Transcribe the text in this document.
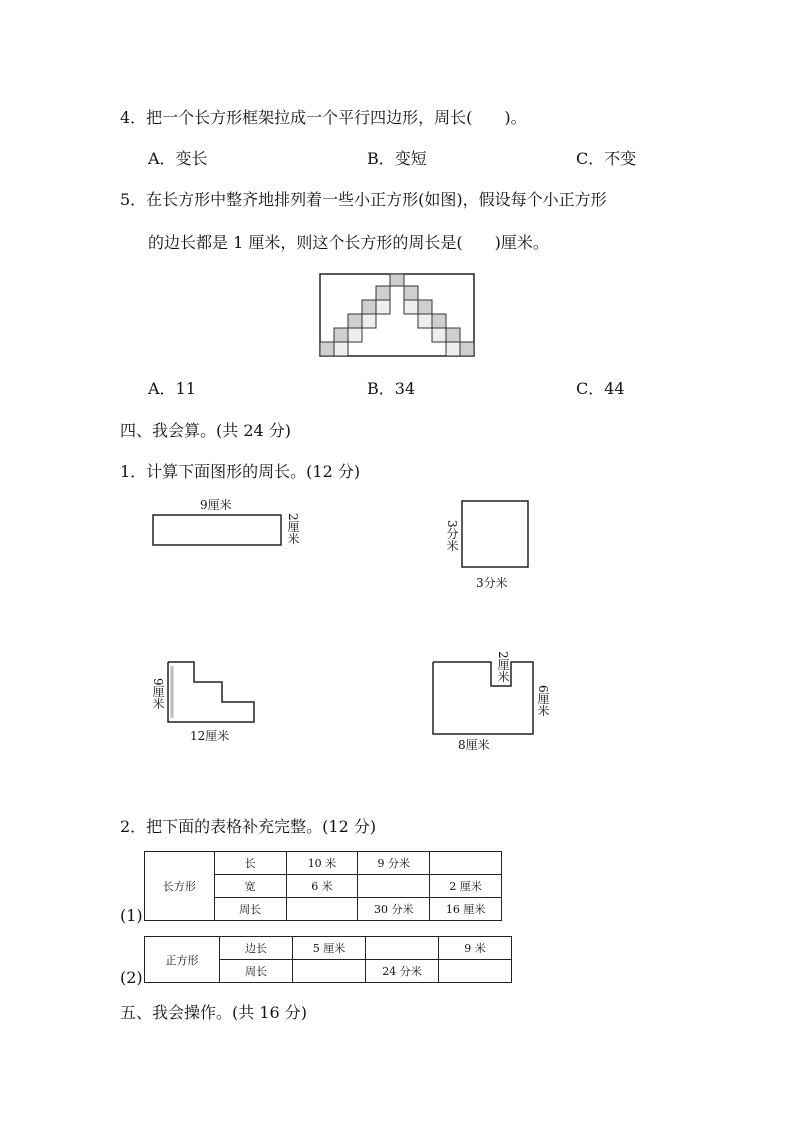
4．把一个长方形框架拉成一个平行四边形，周长(　　)。
A．变长	B．变短	C．不变
5．在长方形中整齐地排列着一些小正方形(如图)，假设每个小正方形
的边长都是 1 厘米，则这个长方形的周长是(　　)厘米。
A．11	B．34	C．44
四、我会算。(共 24 分)
1．计算下面图形的周长。(12 分)
9厘米
2厘米	3分米
3分米
9厘米
12厘米
2厘米
6厘米
8厘米
2．把下面的表格补充完整。(12 分)
(1)
长方形	长	10 米	9 分米	
	宽	6 米		2 厘米
	周长		30 分米	16 厘米
(2)
正方形	边长	5 厘米		9 米
	周长		24 分米	
五、我会操作。(共 16 分)
